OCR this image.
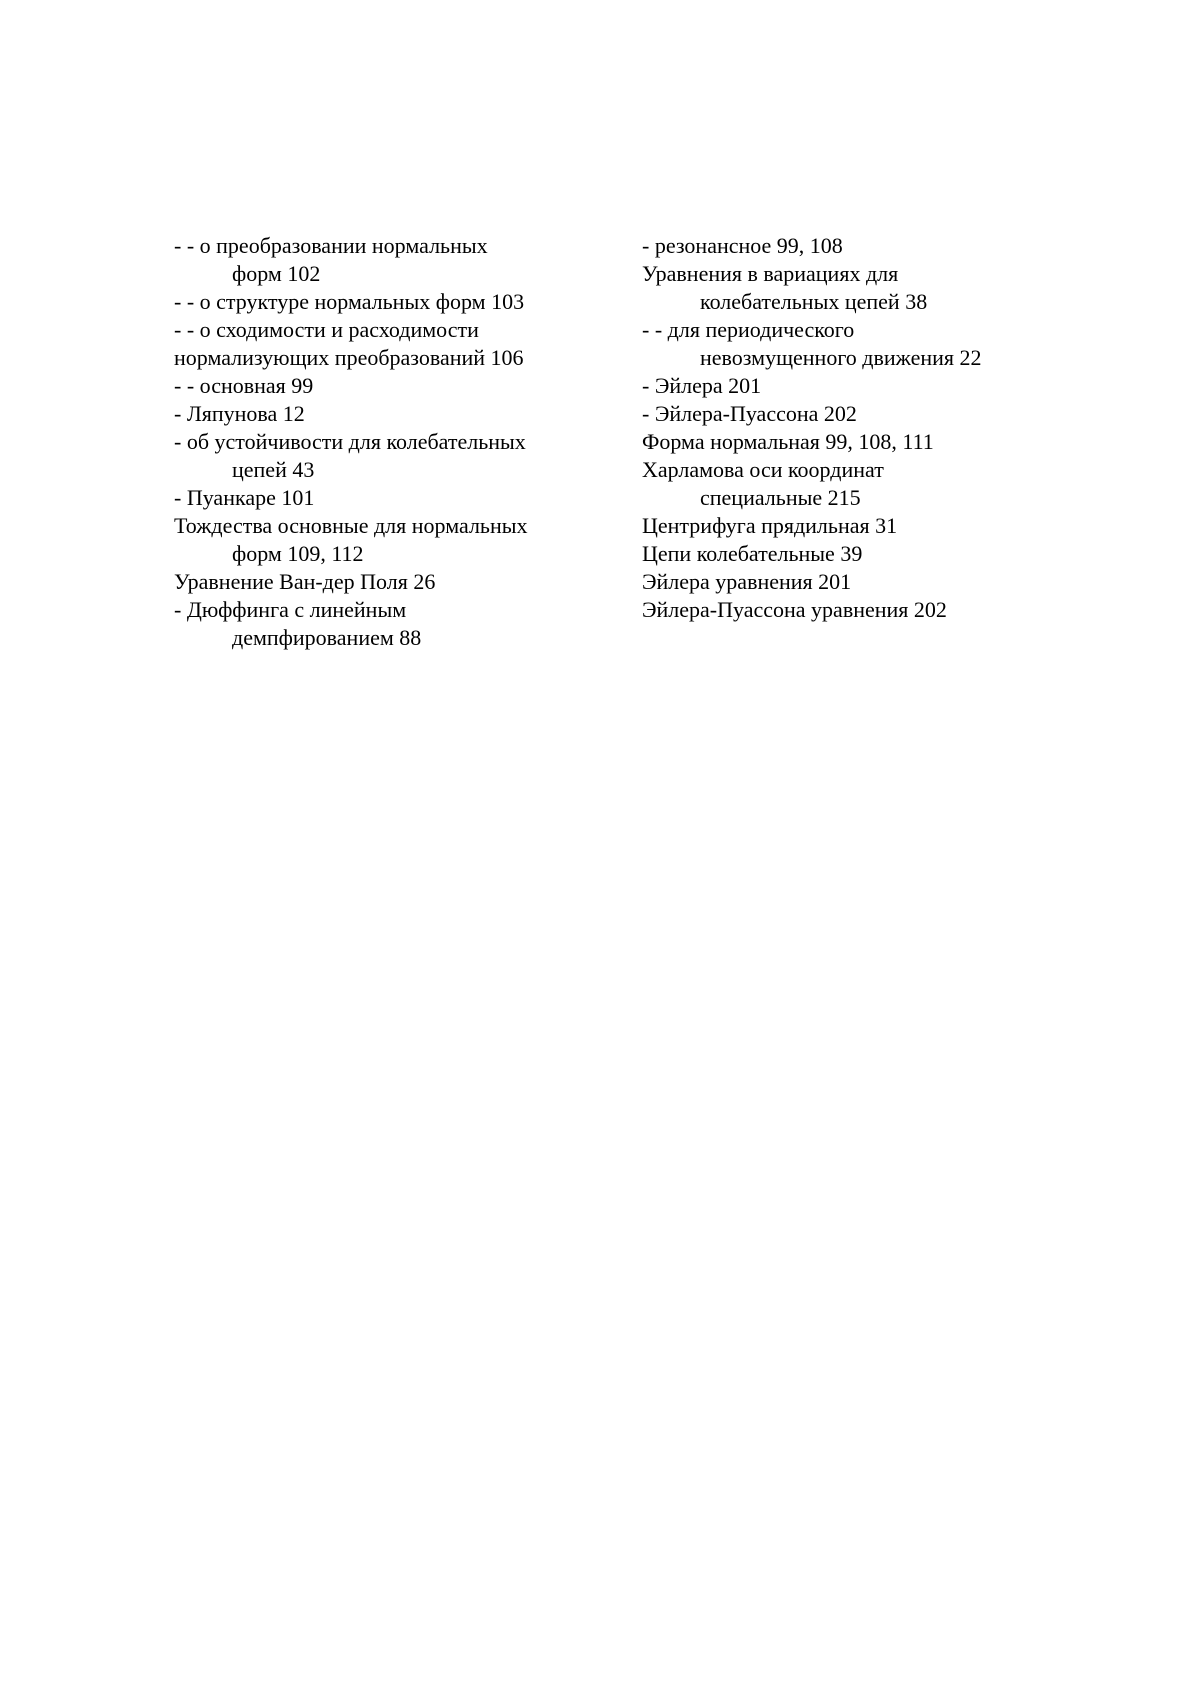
- - о преобразовании нормальных
форм 102
- - о структуре нормальных форм 103
- - о сходимости и расходимости
нормализующих преобразований 106
- - основная 99
- Ляпунова 12
- об устойчивости для колебательных
цепей 43
- Пуанкаре 101
Тождества основные для нормальных
форм 109, 112
Уравнение Ван-дер Поля 26
- Дюффинга с линейным
демпфированием 88
- резонансное 99, 108
Уравнения в вариациях для
колебательных цепей 38
- - для периодического
невозмущенного движения 22
- Эйлера 201
- Эйлера-Пуассона 202
Форма нормальная 99, 108, 111
Харламова оси координат
специальные 215
Центрифуга прядильная 31
Цепи колебательные 39
Эйлера уравнения 201
Эйлера-Пуассона уравнения 202
